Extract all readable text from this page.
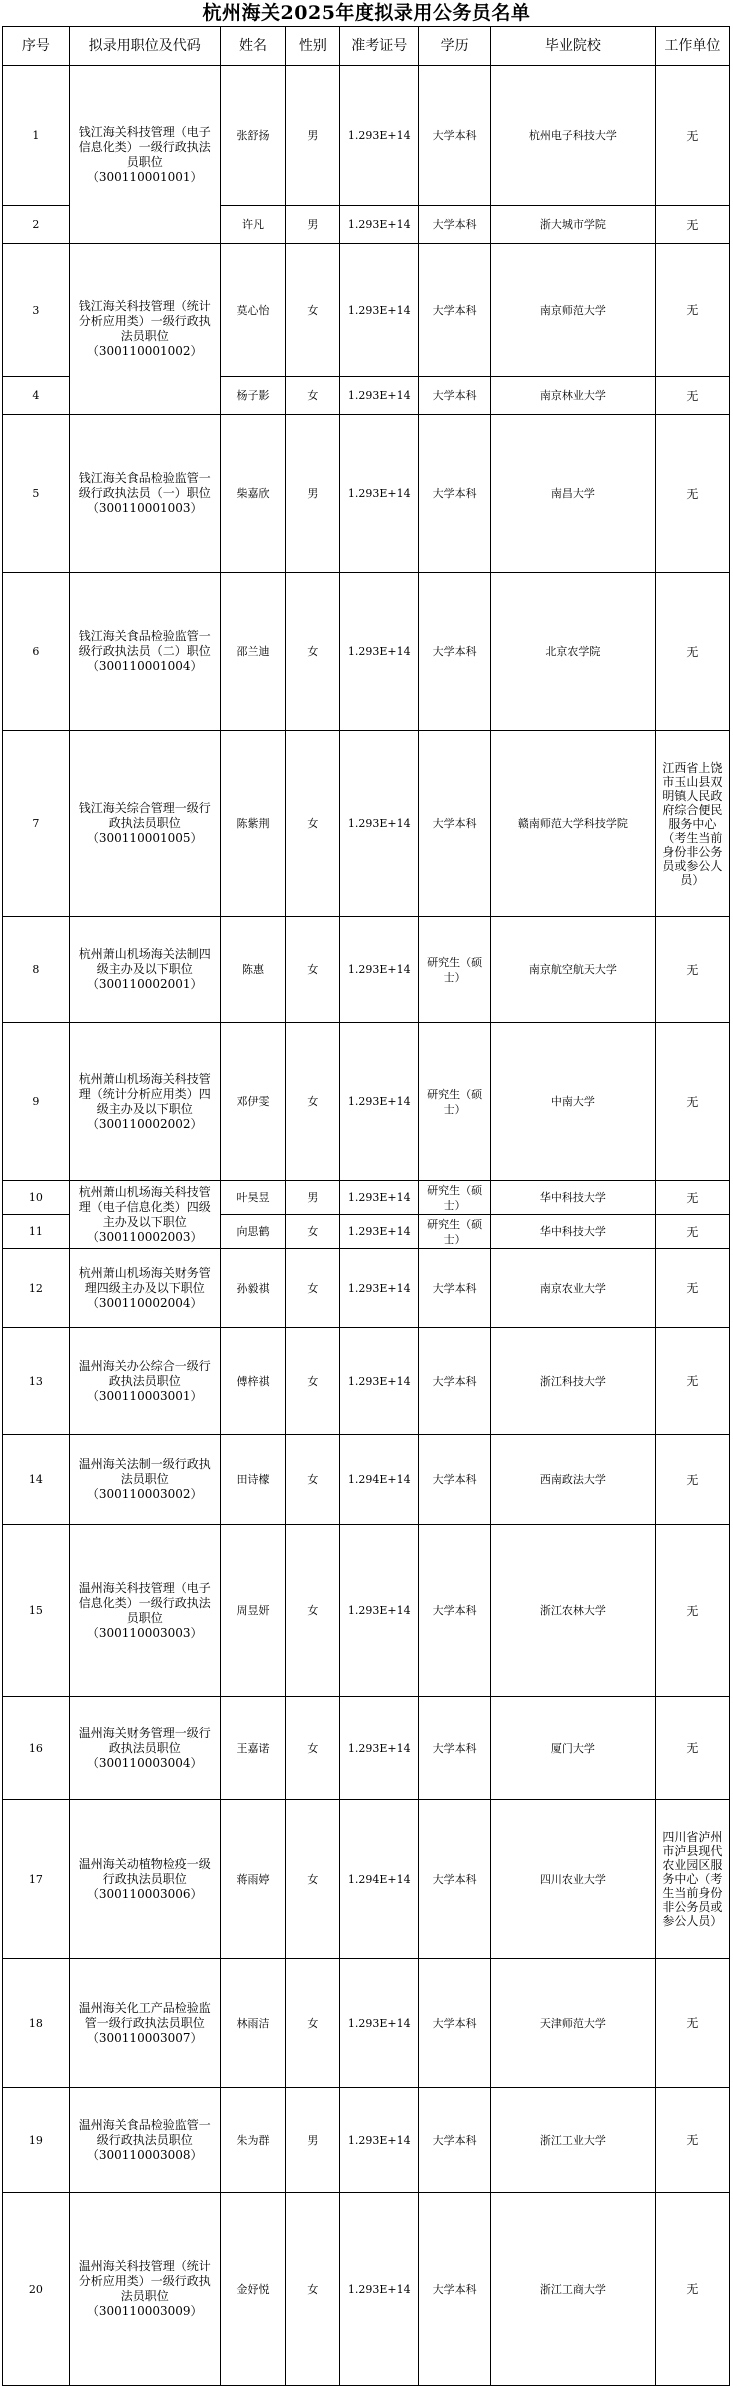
杭州海关2025年度拟录用公务员名单
序号	拟录用职位及代码	姓名	性别	准考证号	学历	毕业院校	工作单位
1	钱江海关科技管理（电子信息化类）一级行政执法员职位（300110001001）	张舒扬	男	1.293E+14	大学本科	杭州电子科技大学	无
2		许凡	男	1.293E+14	大学本科	浙大城市学院	无
3	钱江海关科技管理（统计分析应用类）一级行政执法员职位（300110001002）	莫心怡	女	1.293E+14	大学本科	南京师范大学	无
4		杨子影	女	1.293E+14	大学本科	南京林业大学	无
5	钱江海关食品检验监管一级行政执法员（一）职位（300110001003）	柴嘉欣	男	1.293E+14	大学本科	南昌大学	无
6	钱江海关食品检验监管一级行政执法员（二）职位（300110001004）	邵兰迪	女	1.293E+14	大学本科	北京农学院	无
7	钱江海关综合管理一级行政执法员职位（300110001005）	陈紫荆	女	1.293E+14	大学本科	赣南师范大学科技学院	江西省上饶市玉山县双明镇人民政府综合便民服务中心（考生当前身份非公务员或参公人员）
8	杭州萧山机场海关法制四级主办及以下职位（300110002001）	陈惠	女	1.293E+14	研究生（硕士）	南京航空航天大学	无
9	杭州萧山机场海关科技管理（统计分析应用类）四级主办及以下职位（300110002002）	邓伊雯	女	1.293E+14	研究生（硕士）	中南大学	无
10	杭州萧山机场海关科技管理（电子信息化类）四级主办及以下职位（300110002003）	叶昊昱	男	1.293E+14	研究生（硕士）	华中科技大学	无
11		向思鹤	女	1.293E+14	研究生（硕士）	华中科技大学	无
12	杭州萧山机场海关财务管理四级主办及以下职位（300110002004）	孙毅祺	女	1.293E+14	大学本科	南京农业大学	无
13	温州海关办公综合一级行政执法员职位（300110003001）	傅梓祺	女	1.293E+14	大学本科	浙江科技大学	无
14	温州海关法制一级行政执法员职位（300110003002）	田诗檬	女	1.294E+14	大学本科	西南政法大学	无
15	温州海关科技管理（电子信息化类）一级行政执法员职位（300110003003）	周昱妍	女	1.293E+14	大学本科	浙江农林大学	无
16	温州海关财务管理一级行政执法员职位（300110003004）	王嘉诺	女	1.293E+14	大学本科	厦门大学	无
17	温州海关动植物检疫一级行政执法员职位（300110003006）	蒋雨婷	女	1.294E+14	大学本科	四川农业大学	四川省泸州市泸县现代农业园区服务中心（考生当前身份非公务员或参公人员）
18	温州海关化工产品检验监管一级行政执法员职位（300110003007）	林雨洁	女	1.293E+14	大学本科	天津师范大学	无
19	温州海关食品检验监管一级行政执法员职位（300110003008）	朱为群	男	1.293E+14	大学本科	浙江工业大学	无
20	温州海关科技管理（统计分析应用类）一级行政执法员职位（300110003009）	金妤悦	女	1.293E+14	大学本科	浙江工商大学	无
